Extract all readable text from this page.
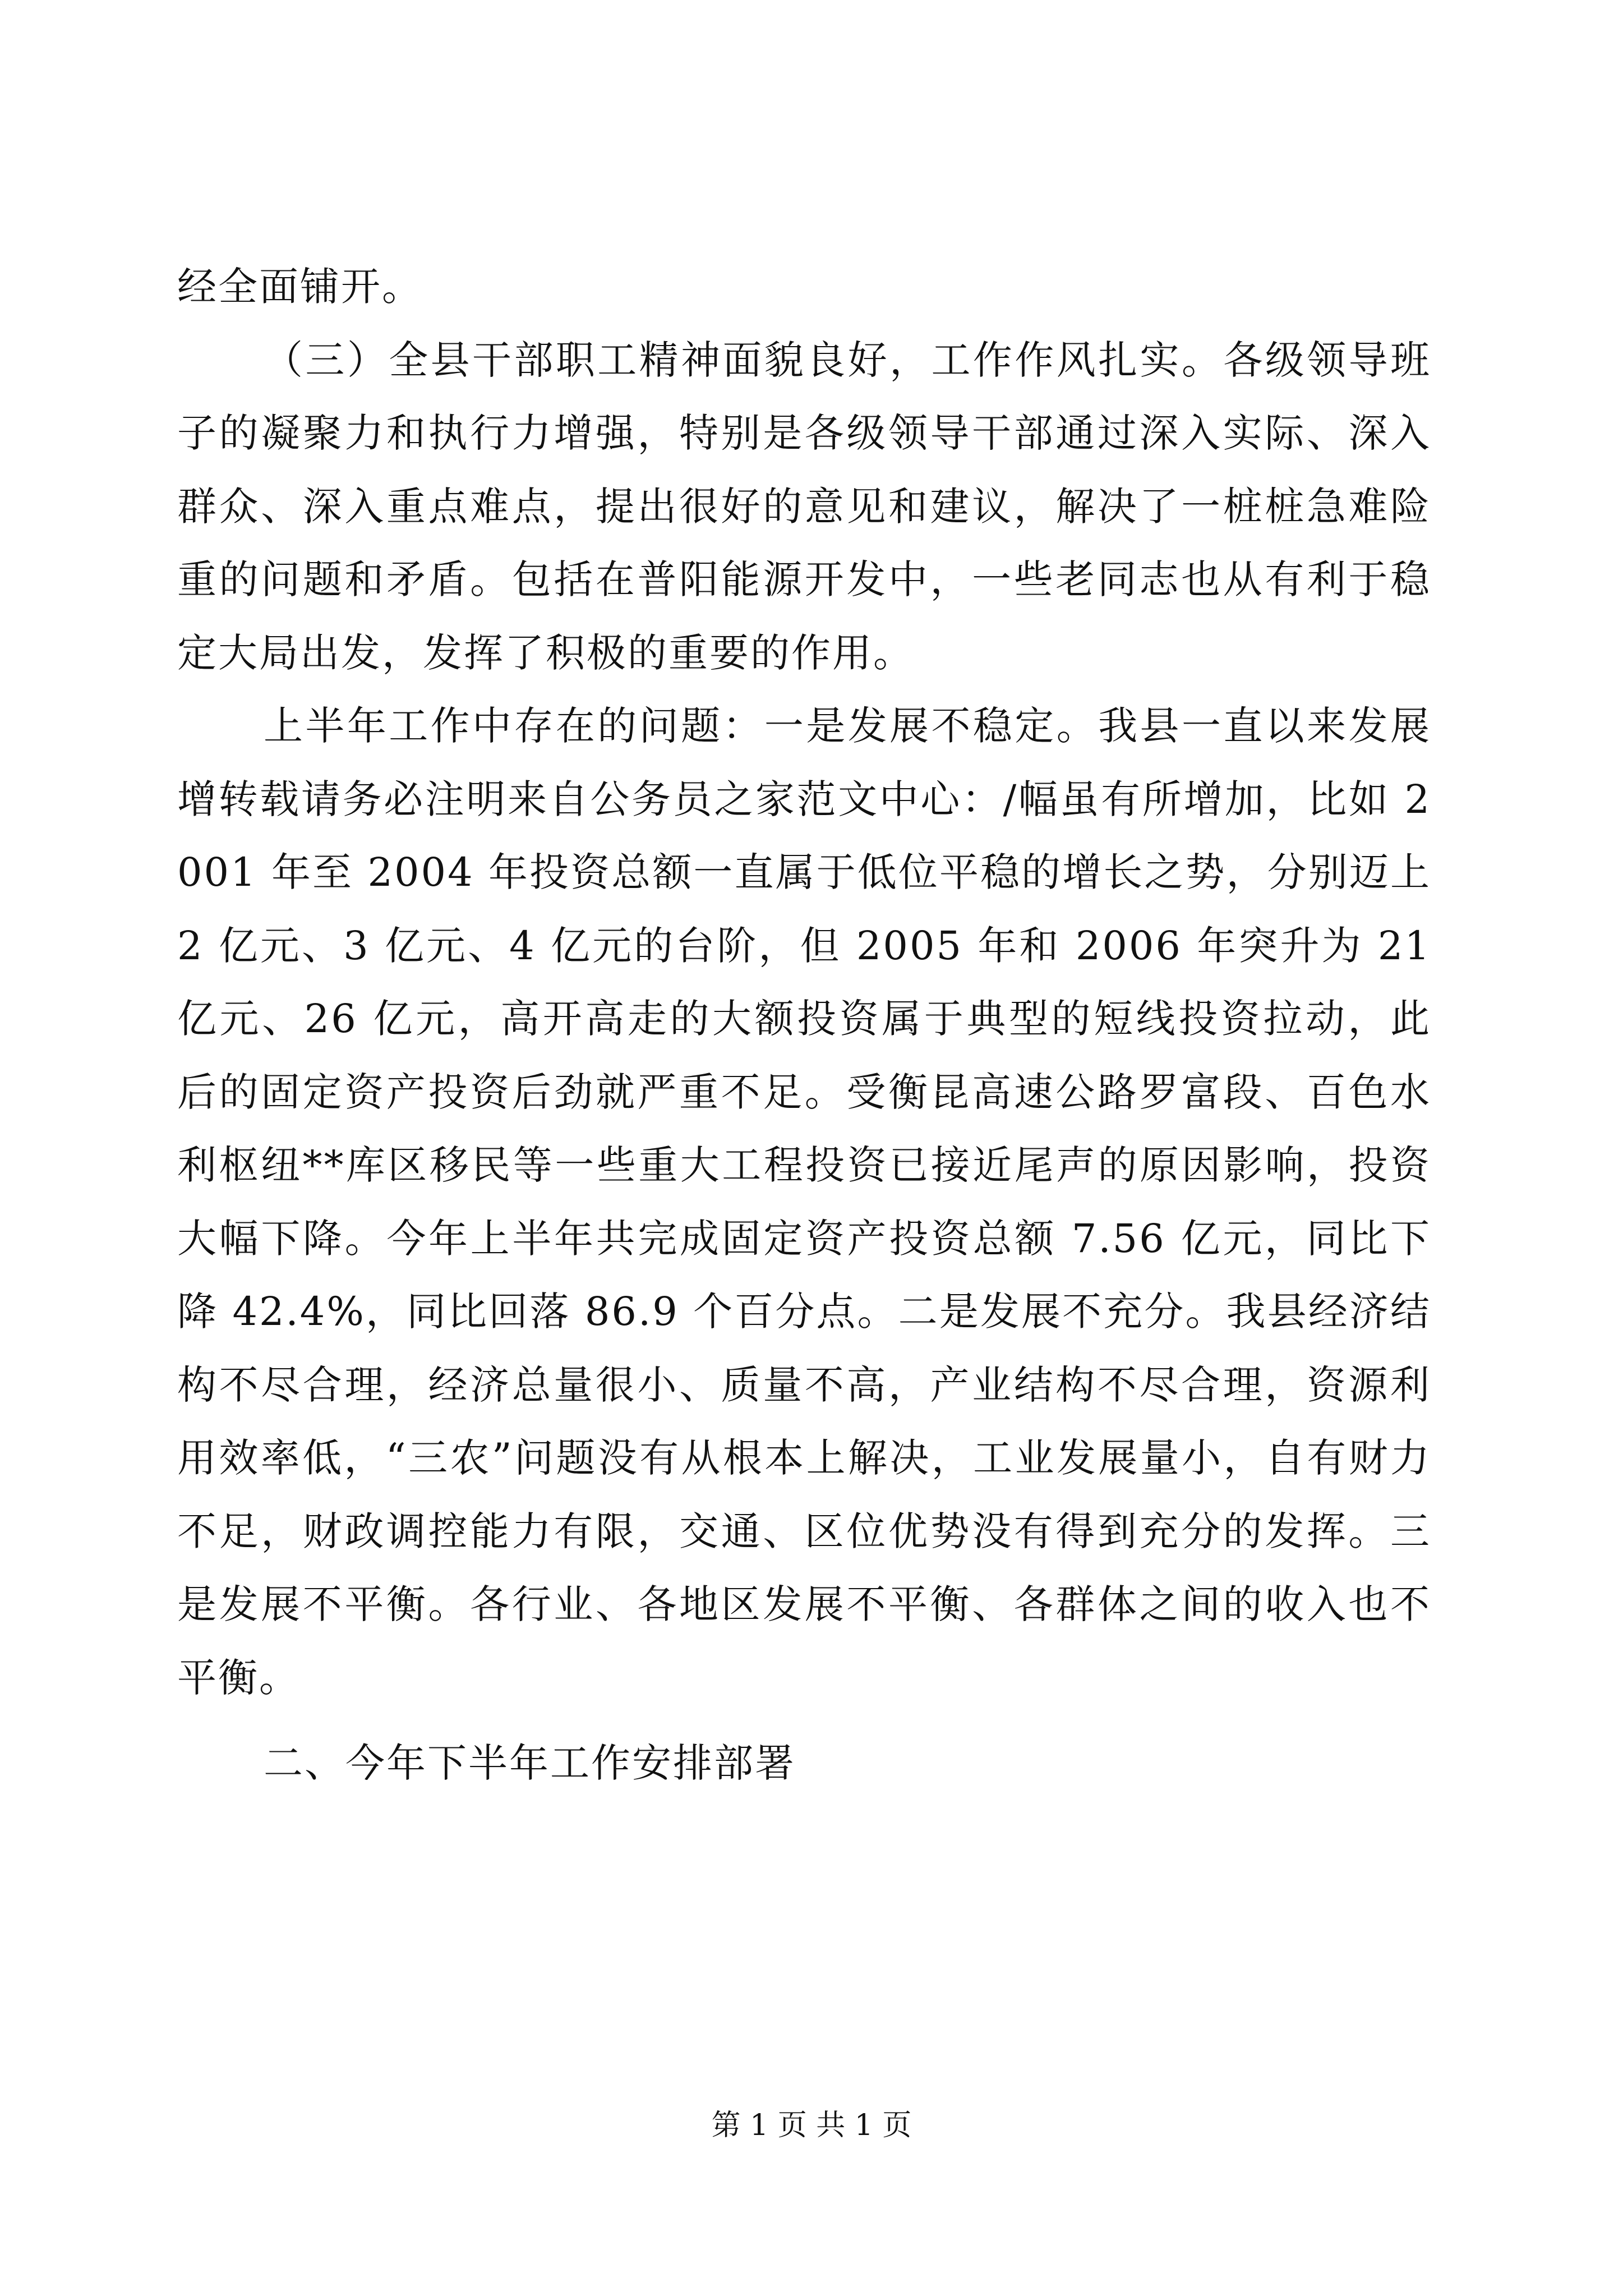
经全面铺开。

（三）全县干部职工精神面貌良好，工作作风扎实。各级领导班子的凝聚力和执行力增强，特别是各级领导干部通过深入实际、深入群众、深入重点难点，提出很好的意见和建议，解决了一桩桩急难险重的问题和矛盾。包括在普阳能源开发中，一些老同志也从有利于稳定大局出发，发挥了积极的重要的作用。

上半年工作中存在的问题：一是发展不稳定。我县一直以来发展增转载请务必注明来自公务员之家范文中心：/幅虽有所增加，比如 2001 年至 2004 年投资总额一直属于低位平稳的增长之势，分别迈上 2 亿元、3 亿元、4 亿元的台阶，但 2005 年和 2006 年突升为 21 亿元、26 亿元，高开高走的大额投资属于典型的短线投资拉动，此后的固定资产投资后劲就严重不足。受衡昆高速公路罗富段、百色水利枢纽**库区移民等一些重大工程投资已接近尾声的原因影响，投资大幅下降。今年上半年共完成固定资产投资总额 7.56 亿元，同比下降 42.4%，同比回落 86.9 个百分点。二是发展不充分。我县经济结构不尽合理，经济总量很小、质量不高，产业结构不尽合理，资源利用效率低，“三农”问题没有从根本上解决，工业发展量小，自有财力不足，财政调控能力有限，交通、区位优势没有得到充分的发挥。三是发展不平衡。各行业、各地区发展不平衡、各群体之间的收入也不平衡。

二、今年下半年工作安排部署

第 1 页 共 1 页
